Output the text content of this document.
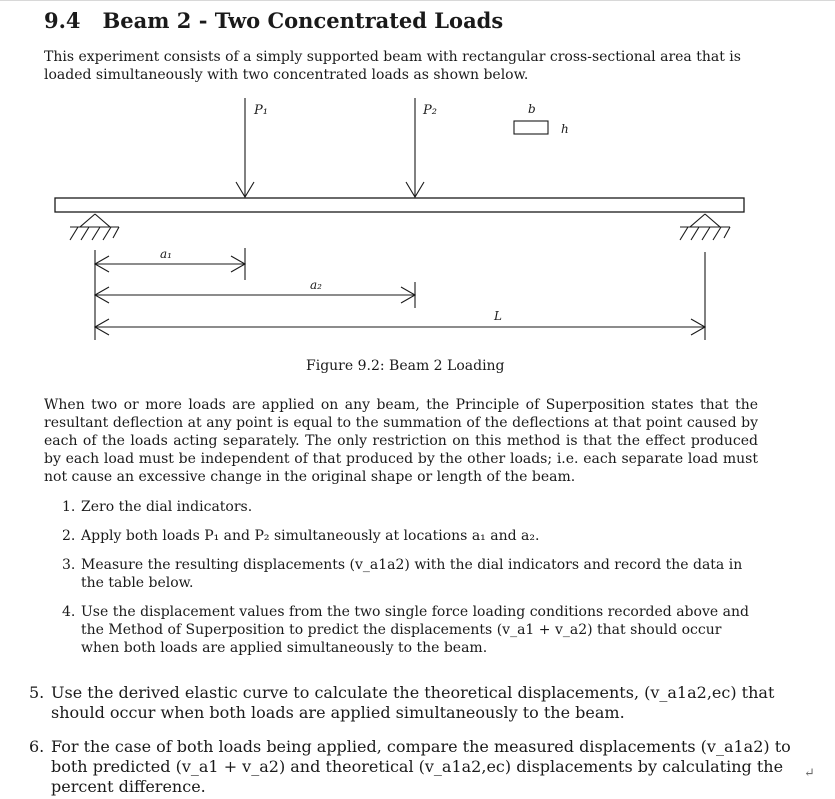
9.4 Beam 2 - Two Concentrated Loads
This experiment consists of a simply supported beam with rectangular cross-sectional area that is loaded simultaneously with two concentrated loads as shown below.
P₁	P₂	b
h
a₁
a₂
L
Figure 9.2: Beam 2 Loading
When two or more loads are applied on any beam, the Principle of Superposition states that the resultant deflection at any point is equal to the summation of the deflections at that point caused by each of the loads acting separately. The only restriction on this method is that the effect produced by each load must be independent of that produced by the other loads; i.e. each separate load must not cause an excessive change in the original shape or length of the beam.
1. Zero the dial indicators.
2. Apply both loads P₁ and P₂ simultaneously at locations a₁ and a₂.
3. Measure the resulting displacements (v_a1a2) with the dial indicators and record the data in the table below.
4. Use the displacement values from the two single force loading conditions recorded above and the Method of Superposition to predict the displacements (v_a1 + v_a2) that should occur when both loads are applied simultaneously to the beam.
5. Use the derived elastic curve to calculate the theoretical displacements, (v_a1a2,ec) that should occur when both loads are applied simultaneously to the beam.
6. For the case of both loads being applied, compare the measured displacements (v_a1a2) to both predicted (v_a1 + v_a2) and theoretical (v_a1a2,ec) displacements by calculating the percent difference.
↵
